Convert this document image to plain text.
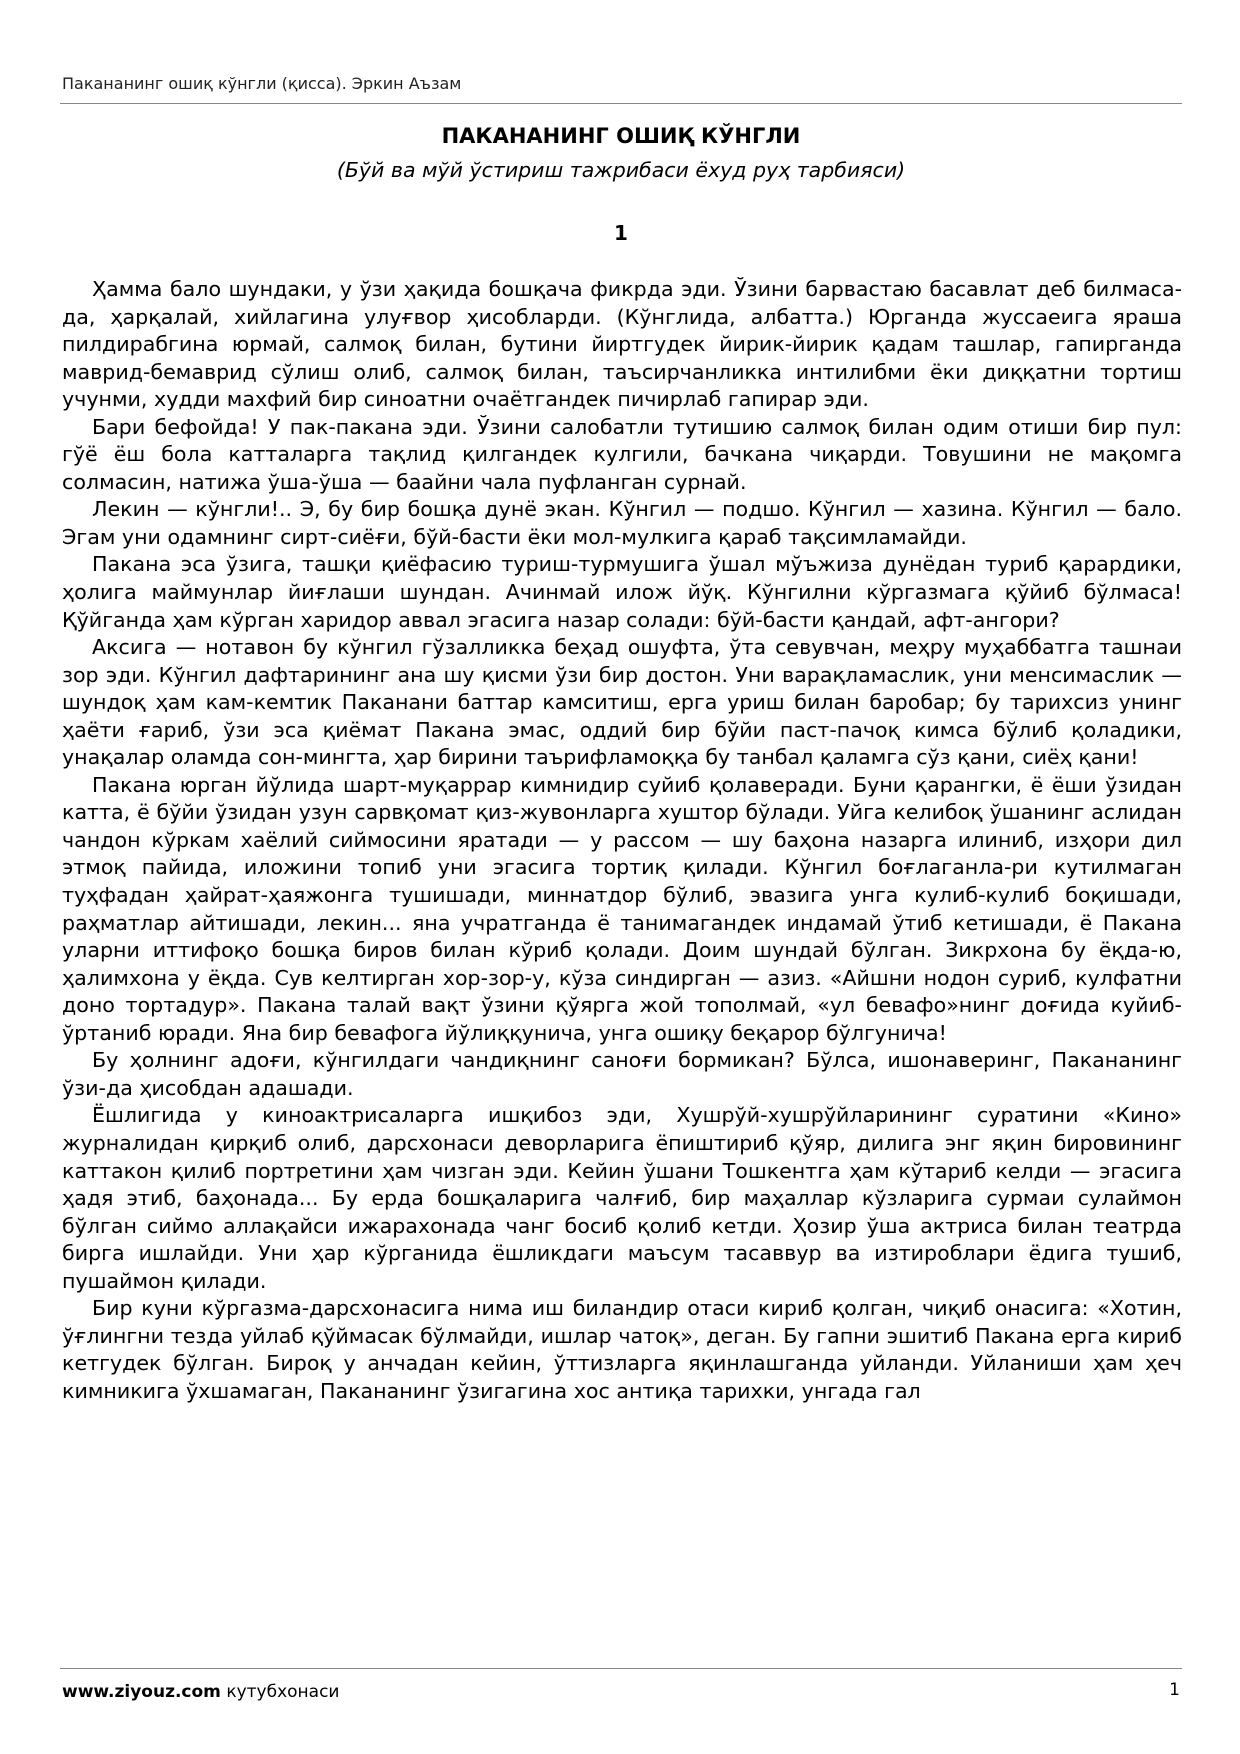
Пакананинг ошиқ кўнгли (қисса). Эркин Аъзам
ПАКАНАНИНГ ОШИҚ КЎНГЛИ
(Бўй ва мўй ўстириш тажрибаси ёхуд руҳ тарбияси)
1

Ҳамма бало шундаки, у ўзи ҳақида бошқача фикрда эди. Ўзини барвастаю басавлат деб билмаса-да, ҳарқалай, хийлагина улуғвор ҳисобларди. (Кўнглида, албатта.) Юрганда жуссаеига яраша пилдирабгина юрмай, салмоқ билан, бутини йиртгудек йирик-йирик қадам ташлар, гапирганда маврид-бемаврид сўлиш олиб, салмоқ билан, таъсирчанликка интилибми ёки диққатни тортиш учунми, худди махфий бир синоатни очаётгандек пичирлаб гапирар эди.

Бари бефойда! У пак-пакана эди. Ўзини салобатли тутишию салмоқ билан одим отиши бир пул: гўё ёш бола катталарга тақлид қилгандек кулгили, бачкана чиқарди. Товушини не мақомга солмасин, натижа ўша-ўша — баайни чала пуфланган сурнай.

Лекин — кўнгли!.. Э, бу бир бошқа дунё экан. Кўнгил — подшо. Кўнгил — хазина. Кўнгил — бало. Эгам уни одамнинг сирт-сиёғи, бўй-басти ёки мол-мулкига қараб тақсимламайди.

Пакана эса ўзига, ташқи қиёфасию туриш-турмушига ўшал мўъжиза дунёдан туриб қарардики, ҳолига маймунлар йиғлаши шундан. Ачинмай илож йўқ. Кўнгилни кўргазмага қўйиб бўлмаса! Қўйганда ҳам кўрган харидор аввал эгасига назар солади: бўй-басти қандай, афт-ангори?

Аксига — нотавон бу кўнгил гўзалликка беҳад ошуфта, ўта севувчан, меҳру муҳаббатга ташнаи зор эди. Кўнгил дафтарининг ана шу қисми ўзи бир достон. Уни варақламаслик, уни менсимаслик — шундоқ ҳам кам-кемтик Паканани баттар камситиш, ерга уриш билан баробар; бу тарихсиз унинг ҳаёти ғариб, ўзи эса қиёмат Пакана эмас, оддий бир бўйи паст-пачоқ кимса бўлиб қоладики, унақалар оламда сон-мингта, ҳар бирини таърифламоққа бу танбал қаламга сўз қани, сиёҳ қани!

Пакана юрган йўлида шарт-муқаррар кимнидир суйиб қолаверади. Буни қарангки, ё ёши ўзидан катта, ё бўйи ўзидан узун сарвқомат қиз-жувонларга хуштор бўлади. Уйга келибоқ ўшанинг аслидан чандон кўркам хаёлий сиймосини яратади — у рассом — шу баҳона назарга илиниб, изҳори дил этмоқ пайида, иложини топиб уни эгасига тортиқ қилади. Кўнгил боғлаганла-ри кутилмаган туҳфадан ҳайрат-ҳаяжонга тушишади, миннатдор бўлиб, эвазига унга кулиб-кулиб боқишади, раҳматлар айтишади, лекин... яна учратганда ё танимагандек индамай ўтиб кетишади, ё Пакана уларни иттифоқо бошқа биров билан кўриб қолади. Доим шундай бўлган. Зикрхона бу ёқда-ю, ҳалимхона у ёқда. Сув келтирган хор-зор-у, кўза синдирган — азиз. «Айшни нодон суриб, кулфатни доно тортадур». Пакана талай вақт ўзини қўярга жой тополмай, «ул бевафо»нинг доғида куйиб-ўртаниб юради. Яна бир бевафога йўлиққунича, унга ошиқу беқарор бўлгунича!

Бу ҳолнинг адоғи, кўнгилдаги чандиқнинг саноғи бормикан? Бўлса, ишонаверинг, Пакананинг ўзи-да ҳисобдан адашади.

Ёшлигида у киноактрисаларга ишқибоз эди, Хушрўй-хушрўйларининг суратини «Кино» журналидан қирқиб олиб, дарсхонаси деворларига ёпиштириб қўяр, дилига энг яқин бировининг каттакон қилиб портретини ҳам чизган эди. Кейин ўшани Тошкентга ҳам кўтариб келди — эгасига ҳадя этиб, баҳонада... Бу ерда бошқаларига чалғиб, бир маҳаллар кўзларига сурмаи сулаймон бўлган сиймо аллақайси ижарахонада чанг босиб қолиб кетди. Ҳозир ўша актриса билан театрда бирга ишлайди. Уни ҳар кўрганида ёшликдаги маъсум тасаввур ва изтироблари ёдига тушиб, пушаймон қилади.

Бир куни кўргазма-дарсхонасига нима иш биландир отаси кириб қолган, чиқиб онасига: «Хотин, ўғлингни тезда уйлаб қўймасак бўлмайди, ишлар чатоқ», деган. Бу гапни эшитиб Пакана ерга кириб кетгудек бўлган. Бироқ у анчадан кейин, ўттизларга яқинлашганда уйланди. Уйланиши ҳам ҳеч кимникига ўхшамаган, Пакананинг ўзигагина хос антиқа тарихки, унгада гал

www.ziyouz.com кутубхонаси	1
